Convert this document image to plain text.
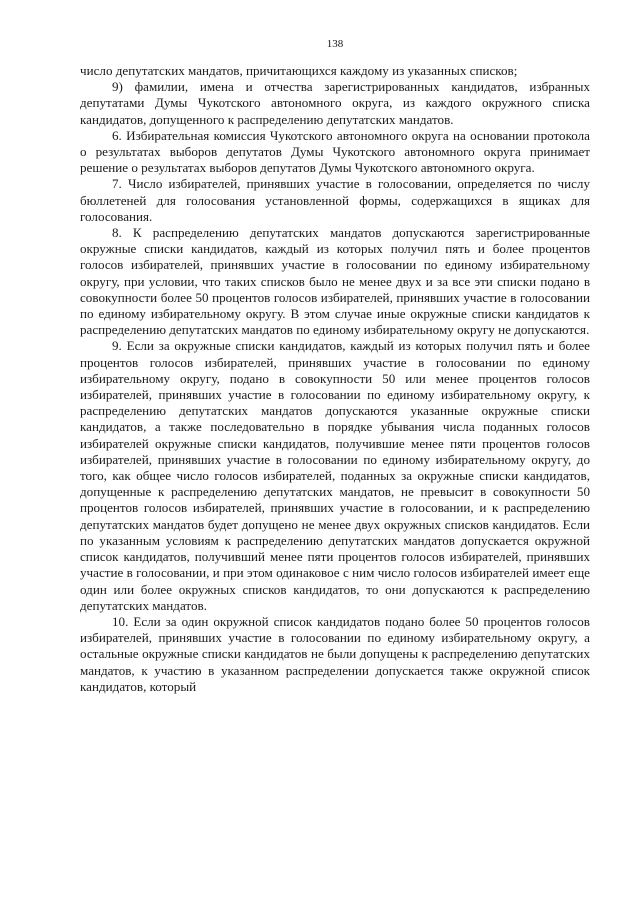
138

число депутатских мандатов, причитающихся каждому из указанных списков;

9) фамилии, имена и отчества зарегистрированных кандидатов, избранных депутатами Думы Чукотского автономного округа, из каждого окружного списка кандидатов, допущенного к распределению депутатских мандатов.

6. Избирательная комиссия Чукотского автономного округа на основании протокола о результатах выборов депутатов Думы Чукотского автономного округа принимает решение о результатах выборов депутатов Думы Чукотского автономного округа.

7. Число избирателей, принявших участие в голосовании, определяется по числу бюллетеней для голосования установленной формы, содержащихся в ящиках для голосования.

8. К распределению депутатских мандатов допускаются зарегистрированные окружные списки кандидатов, каждый из которых получил пять и более процентов голосов избирателей, принявших участие в голосовании по единому избирательному округу, при условии, что таких списков было не менее двух и за все эти списки подано в совокупности более 50 процентов голосов избирателей, принявших участие в голосовании по единому избирательному округу. В этом случае иные окружные списки кандидатов к распределению депутатских мандатов по единому избирательному округу не допускаются.

9. Если за окружные списки кандидатов, каждый из которых получил пять и более процентов голосов избирателей, принявших участие в голосовании по единому избирательному округу, подано в совокупности 50 или менее процентов голосов избирателей, принявших участие в голосовании по единому избирательному округу, к распределению депутатских мандатов допускаются указанные окружные списки кандидатов, а также последовательно в порядке убывания числа поданных голосов избирателей окружные списки кандидатов, получившие менее пяти процентов голосов избирателей, принявших участие в голосовании по единому избирательному округу, до того, как общее число голосов избирателей, поданных за окружные списки кандидатов, допущенные к распределению депутатских мандатов, не превысит в совокупности 50 процентов голосов избирателей, принявших участие в голосовании, и к распределению депутатских мандатов будет допущено не менее двух окружных списков кандидатов. Если по указанным условиям к распределению депутатских мандатов допускается окружной список кандидатов, получивший менее пяти процентов голосов избирателей, принявших участие в голосовании, и при этом одинаковое с ним число голосов избирателей имеет еще один или более окружных списков кандидатов, то они допускаются к распределению депутатских мандатов.

10. Если за один окружной список кандидатов подано более 50 процентов голосов избирателей, принявших участие в голосовании по единому избирательному округу, а остальные окружные списки кандидатов не были допущены к распределению депутатских мандатов, к участию в указанном распределении допускается также окружной список кандидатов, который
